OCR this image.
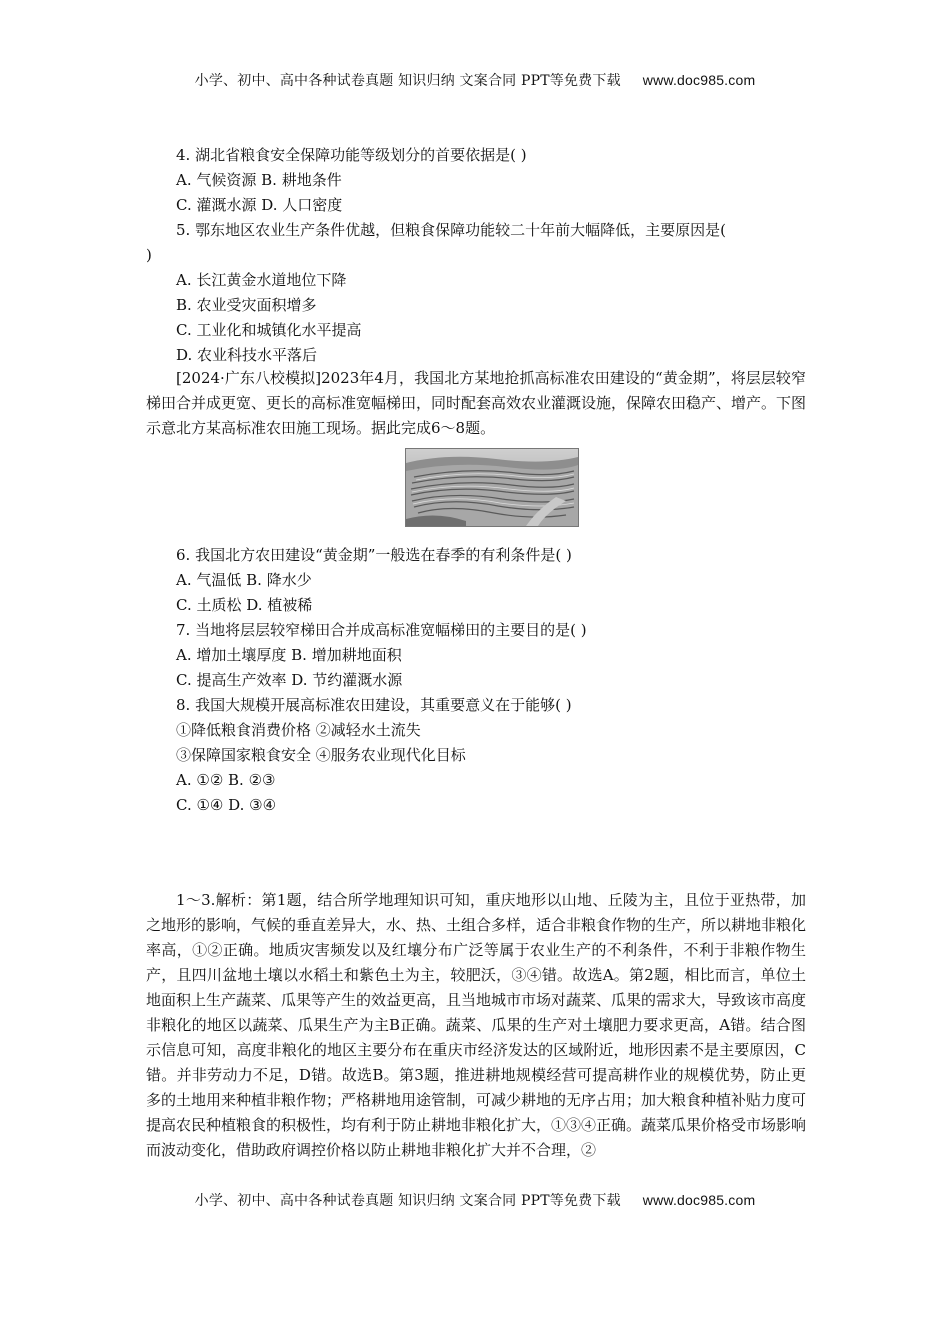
小学、初中、高中各种试卷真题 知识归纳 文案合同 PPT等免费下载 www.doc985.com
4. 湖北省粮食安全保障功能等级划分的首要依据是( )
A. 气候资源 B. 耕地条件
C. 灌溉水源 D. 人口密度
5. 鄂东地区农业生产条件优越，但粮食保障功能较二十年前大幅降低，主要原因是(
)
A. 长江黄金水道地位下降
B. 农业受灾面积增多
C. 工业化和城镇化水平提高
D. 农业科技水平落后
[2024·广东八校模拟]2023年4月，我国北方某地抢抓高标准农田建设的“黄金期”，将层层较窄梯田合并成更宽、更长的高标准宽幅梯田，同时配套高效农业灌溉设施，保障农田稳产、增产。下图示意北方某高标准农田施工现场。据此完成6～8题。
6. 我国北方农田建设“黄金期”一般选在春季的有利条件是( )
A. 气温低 B. 降水少
C. 土质松 D. 植被稀
7. 当地将层层较窄梯田合并成高标准宽幅梯田的主要目的是( )
A. 增加土壤厚度 B. 增加耕地面积
C. 提高生产效率 D. 节约灌溉水源
8. 我国大规模开展高标准农田建设，其重要意义在于能够( )
①降低粮食消费价格 ②减轻水土流失
③保障国家粮食安全 ④服务农业现代化目标
A. ①② B. ②③
C. ①④ D. ③④
1～3.解析：第1题，结合所学地理知识可知，重庆地形以山地、丘陵为主，且位于亚热带，加之地形的影响，气候的垂直差异大，水、热、土组合多样，适合非粮食作物的生产，所以耕地非粮化率高，①②正确。地质灾害频发以及红壤分布广泛等属于农业生产的不利条件，不利于非粮作物生产，且四川盆地土壤以水稻土和紫色土为主，较肥沃，③④错。故选A。第2题，相比而言，单位土地面积上生产蔬菜、瓜果等产生的效益更高，且当地城市市场对蔬菜、瓜果的需求大，导致该市高度非粮化的地区以蔬菜、瓜果生产为主B正确。蔬菜、瓜果的生产对土壤肥力要求更高，A错。结合图示信息可知，高度非粮化的地区主要分布在重庆市经济发达的区域附近，地形因素不是主要原因，C错。并非劳动力不足，D错。故选B。第3题，推进耕地规模经营可提高耕作业的规模优势，防止更多的土地用来种植非粮作物；严格耕地用途管制，可减少耕地的无序占用；加大粮食种植补贴力度可提高农民种植粮食的积极性，均有利于防止耕地非粮化扩大，①③④正确。蔬菜瓜果价格受市场影响而波动变化，借助政府调控价格以防止耕地非粮化扩大并不合理，②
小学、初中、高中各种试卷真题 知识归纳 文案合同 PPT等免费下载 www.doc985.com
